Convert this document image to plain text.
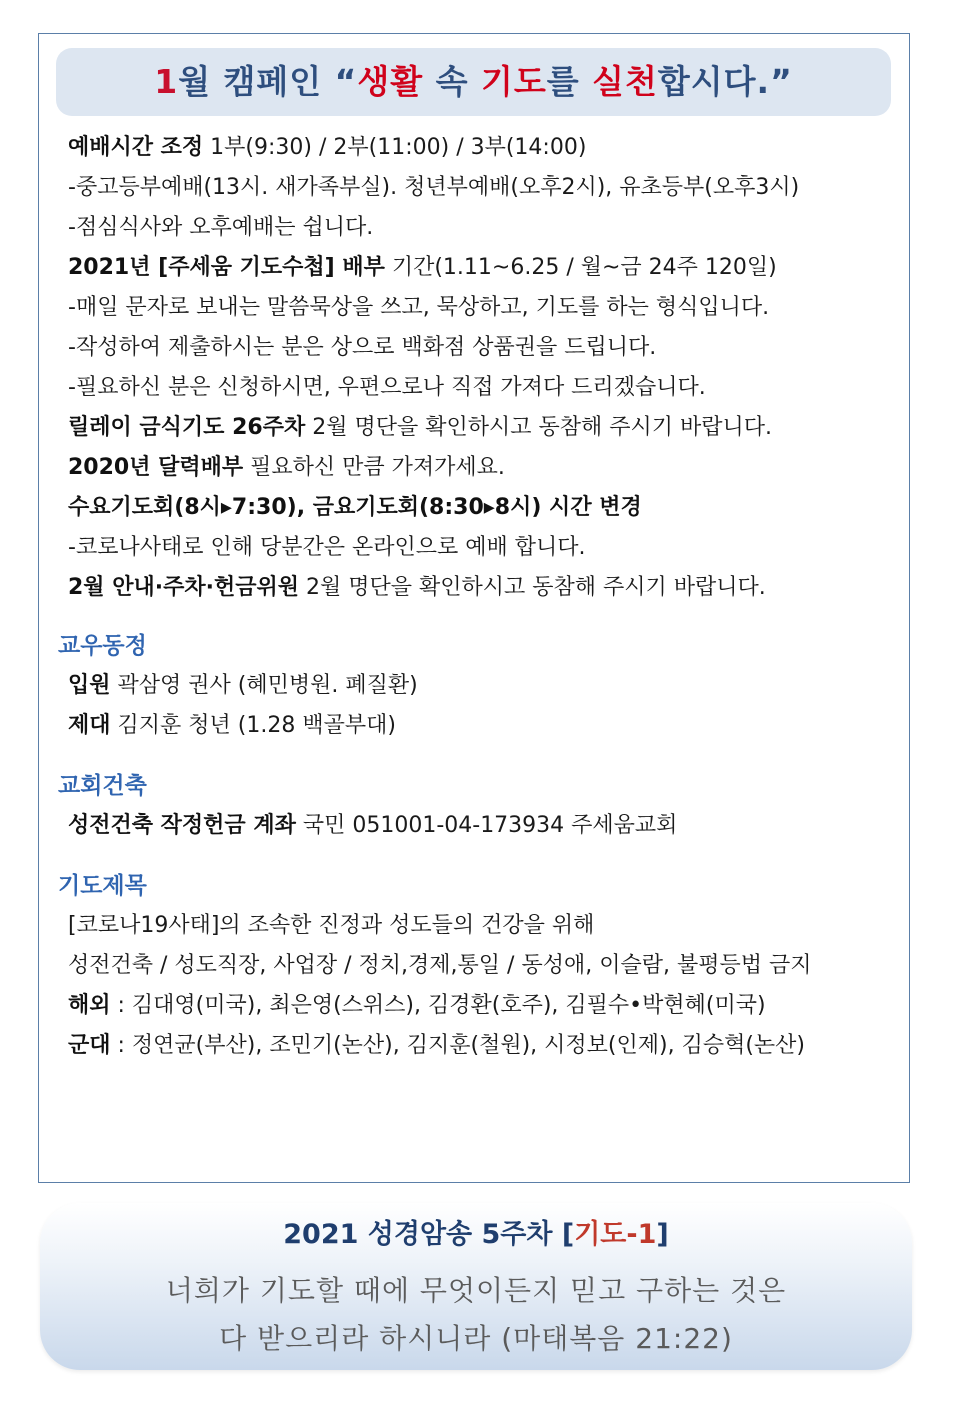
1월 캠페인 “생활 속 기도를 실천합시다.”
예배시간 조정 1부(9:30) / 2부(11:00) / 3부(14:00)
-중고등부예배(13시. 새가족부실). 청년부예배(오후2시), 유초등부(오후3시)
-점심식사와 오후예배는 쉽니다.
2021년 [주세움 기도수첩] 배부 기간(1.11~6.25 / 월~금 24주 120일)
-매일 문자로 보내는 말씀묵상을 쓰고, 묵상하고, 기도를 하는 형식입니다.
-작성하여 제출하시는 분은 상으로 백화점 상품권을 드립니다.
-필요하신 분은 신청하시면, 우편으로나 직접 가져다 드리겠습니다.
릴레이 금식기도 26주차 2월 명단을 확인하시고 동참해 주시기 바랍니다.
2020년 달력배부 필요하신 만큼 가져가세요.
수요기도회(8시▸7:30), 금요기도회(8:30▸8시) 시간 변경
-코로나사태로 인해 당분간은 온라인으로 예배 합니다.
2월 안내·주차·헌금위원 2월 명단을 확인하시고 동참해 주시기 바랍니다.
교우동정
입원 곽삼영 권사 (혜민병원. 폐질환)
제대 김지훈 청년 (1.28 백골부대)
교회건축
성전건축 작정헌금 계좌 국민 051001-04-173934 주세움교회
기도제목
[코로나19사태]의 조속한 진정과 성도들의 건강을 위해
성전건축 / 성도직장, 사업장 / 정치,경제,통일 / 동성애, 이슬람, 불평등법 금지
해외 : 김대영(미국), 최은영(스위스), 김경환(호주), 김필수•박현혜(미국)
군대 : 정연균(부산), 조민기(논산), 김지훈(철원), 시정보(인제), 김승혁(논산)
2021 성경암송 5주차 [기도-1]
너희가 기도할 때에 무엇이든지 믿고 구하는 것은
다 받으리라 하시니라 (마태복음 21:22)
